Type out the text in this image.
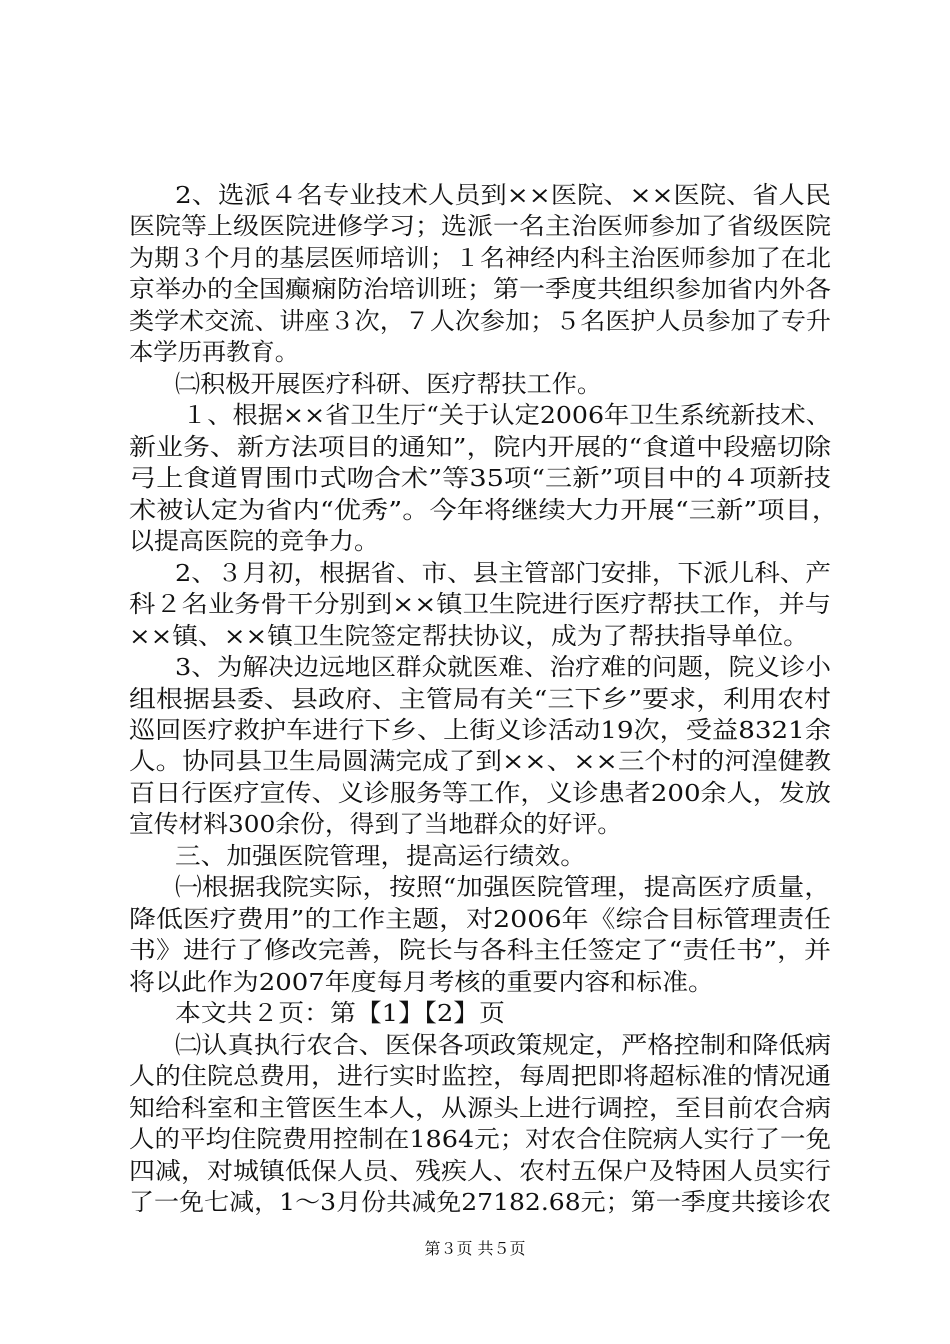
2、选派４名专业技术人员到××医院、××医院、省人民
医院等上级医院进修学习；选派一名主治医师参加了省级医院
为期３个月的基层医师培训；１名神经内科主治医师参加了在北
京举办的全国癫痫防治培训班；第一季度共组织参加省内外各
类学术交流、讲座３次，７人次参加；５名医护人员参加了专升
本学历再教育。
㈡积极开展医疗科研、医疗帮扶工作。
１、根据××省卫生厅“关于认定2006年卫生系统新技术、
新业务、新方法项目的通知”，院内开展的“食道中段癌切除
弓上食道胃围巾式吻合术”等35项“三新”项目中的４项新技
术被认定为省内“优秀”。今年将继续大力开展“三新”项目，
以提高医院的竞争力。
2、３月初，根据省、市、县主管部门安排，下派儿科、产
科２名业务骨干分别到××镇卫生院进行医疗帮扶工作，并与
××镇、××镇卫生院签定帮扶协议，成为了帮扶指导单位。
3、为解决边远地区群众就医难、治疗难的问题，院义诊小
组根据县委、县政府、主管局有关“三下乡”要求，利用农村
巡回医疗救护车进行下乡、上街义诊活动19次，受益8321余
人。协同县卫生局圆满完成了到××、××三个村的河湟健教
百日行医疗宣传、义诊服务等工作，义诊患者200余人，发放
宣传材料300余份，得到了当地群众的好评。
三、加强医院管理，提高运行绩效。
㈠根据我院实际，按照“加强医院管理，提高医疗质量，
降低医疗费用”的工作主题，对2006年《综合目标管理责任
书》进行了修改完善，院长与各科主任签定了“责任书”，并
将以此作为2007年度每月考核的重要内容和标准。
本文共２页：第【1】【2】页
㈡认真执行农合、医保各项政策规定，严格控制和降低病
人的住院总费用，进行实时监控，每周把即将超标准的情况通
知给科室和主管医生本人，从源头上进行调控，至目前农合病
人的平均住院费用控制在1864元；对农合住院病人实行了一免
四减，对城镇低保人员、残疾人、农村五保户及特困人员实行
了一免七减，1～3月份共减免27182.68元；第一季度共接诊农
第３页 共５页
